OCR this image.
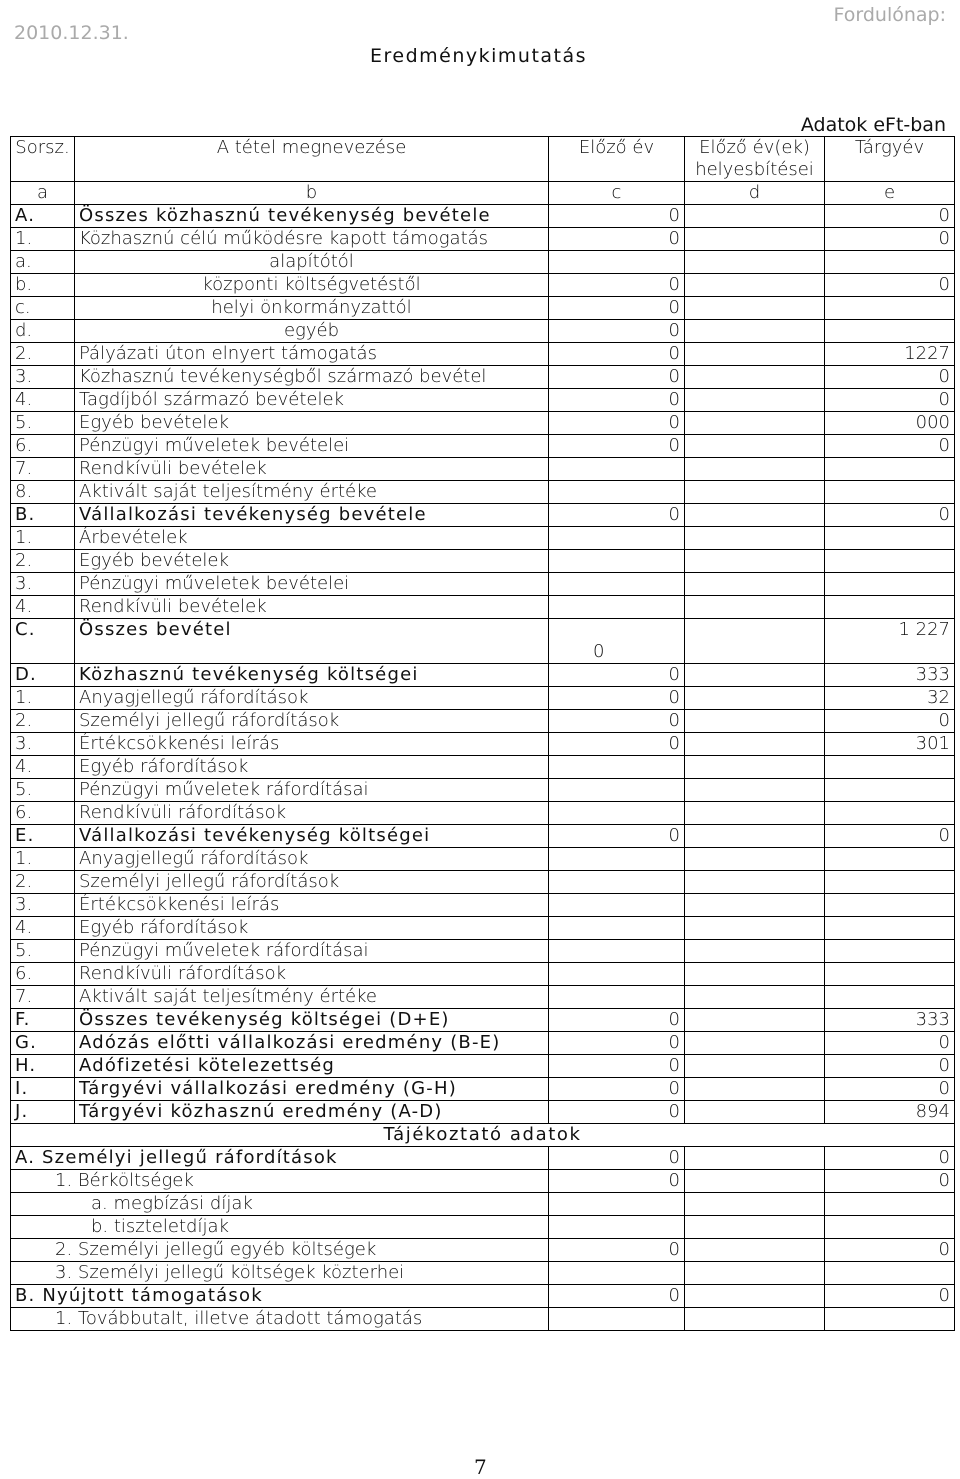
2010.12.31.
Fordulónap:
Eredménykimutatás
Adatok eFt-ban
Sorsz.	A tétel megnevezése	Előző év	Előző év(ek) helyesbítései	Tárgyév
a	b	c	d	e
A.	Összes közhasznú tevékenység bevétele	0		0
1.	Közhasznú célú működésre kapott támogatás	0		0
a.	alapítótól			
b.	központi költségvetéstől	0		0
c.	helyi önkormányzattól	0		
d.	egyéb	0		
2.	Pályázati úton elnyert támogatás	0		1227
3.	Közhasznú tevékenységből származó bevétel	0		0
4.	Tagdíjból származó bevételek	0		0
5.	Egyéb bevételek	0		000
6.	Pénzügyi műveletek bevételei	0		0
7.	Rendkívüli bevételek			
8.	Aktivált saját teljesítmény értéke			
B.	Vállalkozási tevékenység bevétele	0		0
1.	Árbevételek			
2.	Egyéb bevételek			
3.	Pénzügyi műveletek bevételei			
4.	Rendkívüli bevételek			
C.	Összes bevétel	0		1 227
D.	Közhasznú tevékenység költségei	0		333
1.	Anyagjellegű ráfordítások	0		32
2.	Személyi jellegű ráfordítások	0		0
3.	Értékcsökkenési leírás	0		301
4.	Egyéb ráfordítások			
5.	Pénzügyi műveletek ráfordításai			
6.	Rendkívüli ráfordítások			
E.	Vállalkozási tevékenység költségei	0		0
1.	Anyagjellegű ráfordítások			
2.	Személyi jellegű ráfordítások			
3.	Értékcsökkenési leírás			
4.	Egyéb ráfordítások			
5.	Pénzügyi műveletek ráfordításai			
6.	Rendkívüli ráfordítások			
7.	Aktivált saját teljesítmény értéke			
F.	Összes tevékenység költségei (D+E)	0		333
G.	Adózás előtti vállalkozási eredmény (B-E)	0		0
H.	Adófizetési kötelezettség	0		0
I.	Tárgyévi vállalkozási eredmény (G-H)	0		0
J.	Tárgyévi közhasznú eredmény (A-D)	0		894
Tájékoztató adatok				
A. Személyi jellegű ráfordítások		0		0
1. Bérköltségek		0		0
a. megbízási díjak				
b. tiszteletdíjak				
2. Személyi jellegű egyéb költségek		0		0
3. Személyi jellegű költségek közterhei				
B. Nyújtott támogatások		0		0
1. Továbbutalt, illetve átadott támogatás				
7
